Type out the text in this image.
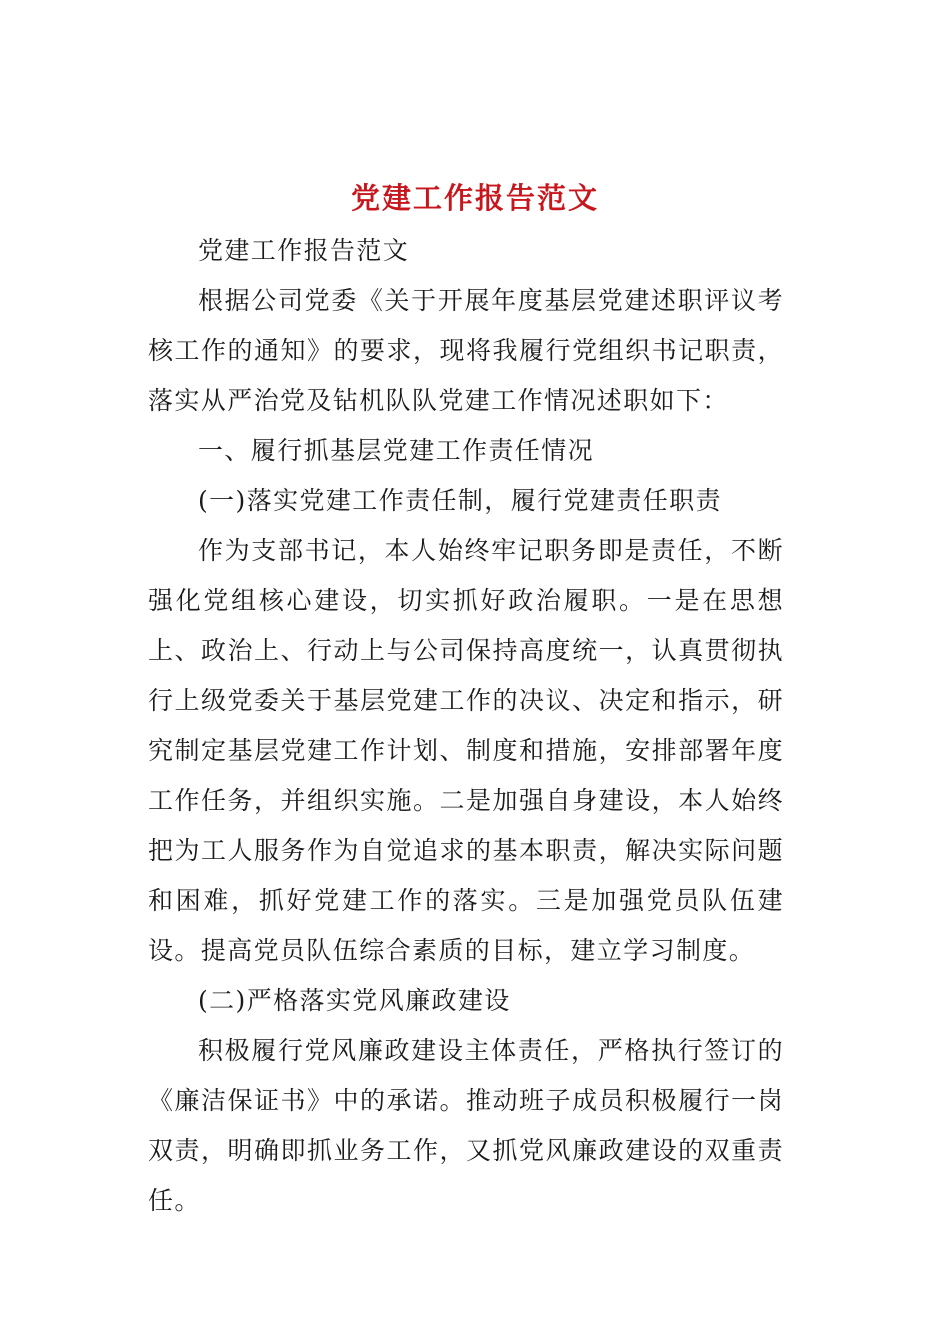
党建工作报告范文

党建工作报告范文

根据公司党委《关于开展年度基层党建述职评议考核工作的通知》的要求，现将我履行党组织书记职责，落实从严治党及钻机队队党建工作情况述职如下：

一、履行抓基层党建工作责任情况

(一)落实党建工作责任制，履行党建责任职责

作为支部书记，本人始终牢记职务即是责任，不断强化党组核心建设，切实抓好政治履职。一是在思想上、政治上、行动上与公司保持高度统一，认真贯彻执行上级党委关于基层党建工作的决议、决定和指示，研究制定基层党建工作计划、制度和措施，安排部署年度工作任务，并组织实施。二是加强自身建设，本人始终把为工人服务作为自觉追求的基本职责，解决实际问题和困难，抓好党建工作的落实。三是加强党员队伍建设。提高党员队伍综合素质的目标，建立学习制度。

(二)严格落实党风廉政建设

积极履行党风廉政建设主体责任，严格执行签订的《廉洁保证书》中的承诺。推动班子成员积极履行一岗双责，明确即抓业务工作，又抓党风廉政建设的双重责任。
